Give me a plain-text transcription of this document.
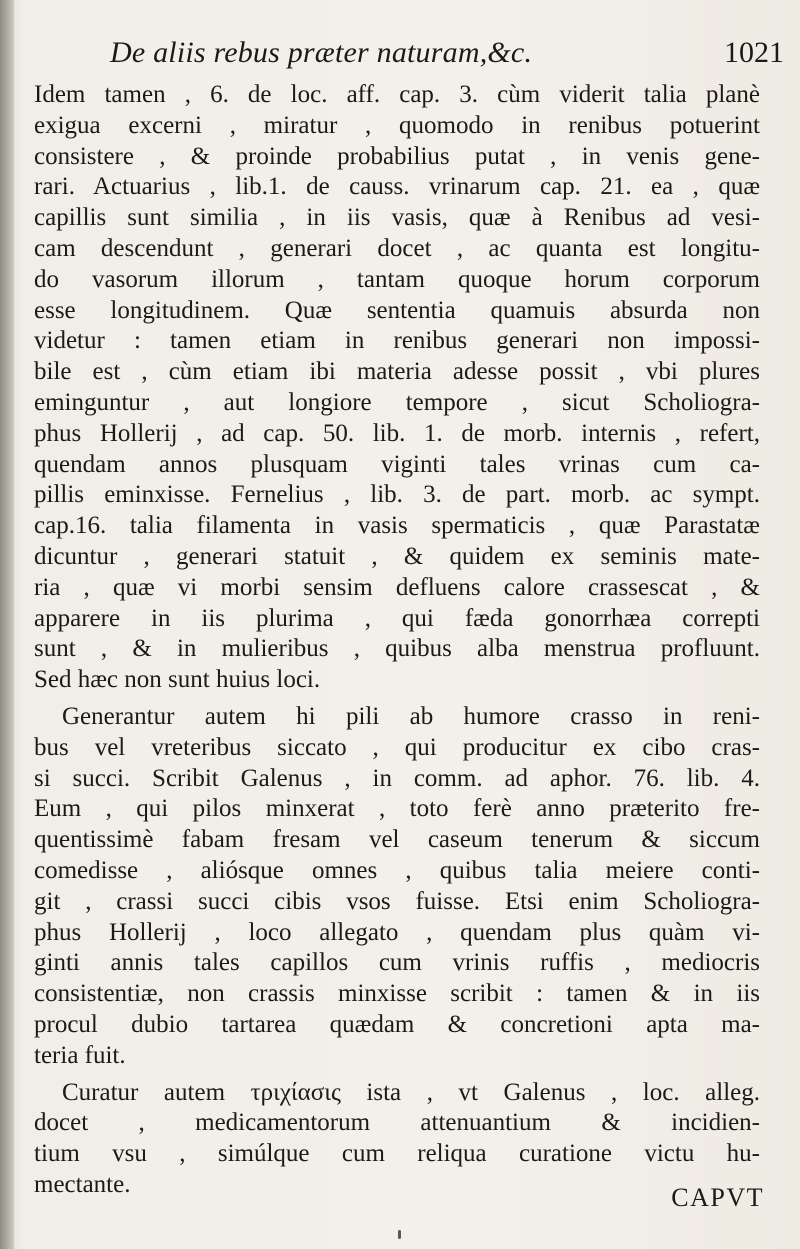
De aliis rebus præter naturam,&c.	1021
Idem tamen , 6. de loc. aff. cap. 3. cùm viderit talia planè
exigua excerni , miratur , quomodo in renibus potuerint
consistere , & proinde probabilius putat , in venis gene-
rari. Actuarius , lib.1. de causs. vrinarum cap. 21. ea , quæ
capillis sunt similia , in iis vasis, quæ à Renibus ad vesi-
cam descendunt , generari docet , ac quanta est longitu-
do vasorum illorum , tantam quoque horum corporum
esse longitudinem. Quæ sententia quamuis absurda non
videtur : tamen etiam in renibus generari non impossi-
bile est , cùm etiam ibi materia adesse possit , vbi plures
eminguntur , aut longiore tempore , sicut Scholiogra-
phus Hollerij , ad cap. 50. lib. 1. de morb. internis , refert,
quendam annos plusquam viginti tales vrinas cum ca-
pillis eminxisse. Fernelius , lib. 3. de part. morb. ac sympt.
cap.16. talia filamenta in vasis spermaticis , quæ Parastatæ
dicuntur , generari statuit , & quidem ex seminis mate-
ria , quæ vi morbi sensim defluens calore crassescat , &
apparere in iis plurima , qui fæda gonorrhæa correpti
sunt , & in mulieribus , quibus alba menstrua profluunt.
Sed hæc non sunt huius loci.
Generantur autem hi pili ab humore crasso in reni-
bus vel vreteribus siccato , qui producitur ex cibo cras-
si succi. Scribit Galenus , in comm. ad aphor. 76. lib. 4.
Eum , qui pilos minxerat , toto ferè anno præterito fre-
quentissimè fabam fresam vel caseum tenerum & siccum
comedisse , aliósque omnes , quibus talia meiere conti-
git , crassi succi cibis vsos fuisse. Etsi enim Scholiogra-
phus Hollerij , loco allegato , quendam plus quàm vi-
ginti annis tales capillos cum vrinis ruffis , mediocris
consistentiæ, non crassis minxisse scribit : tamen & in iis
procul dubio tartarea quædam & concretioni apta ma-
teria fuit.
Curatur autem τριχίασις ista , vt Galenus , loc. alleg.
docet , medicamentorum attenuantium & incidien-
tium vsu , simúlque cum reliqua curatione victu hu-
mectante.	CAPVT
